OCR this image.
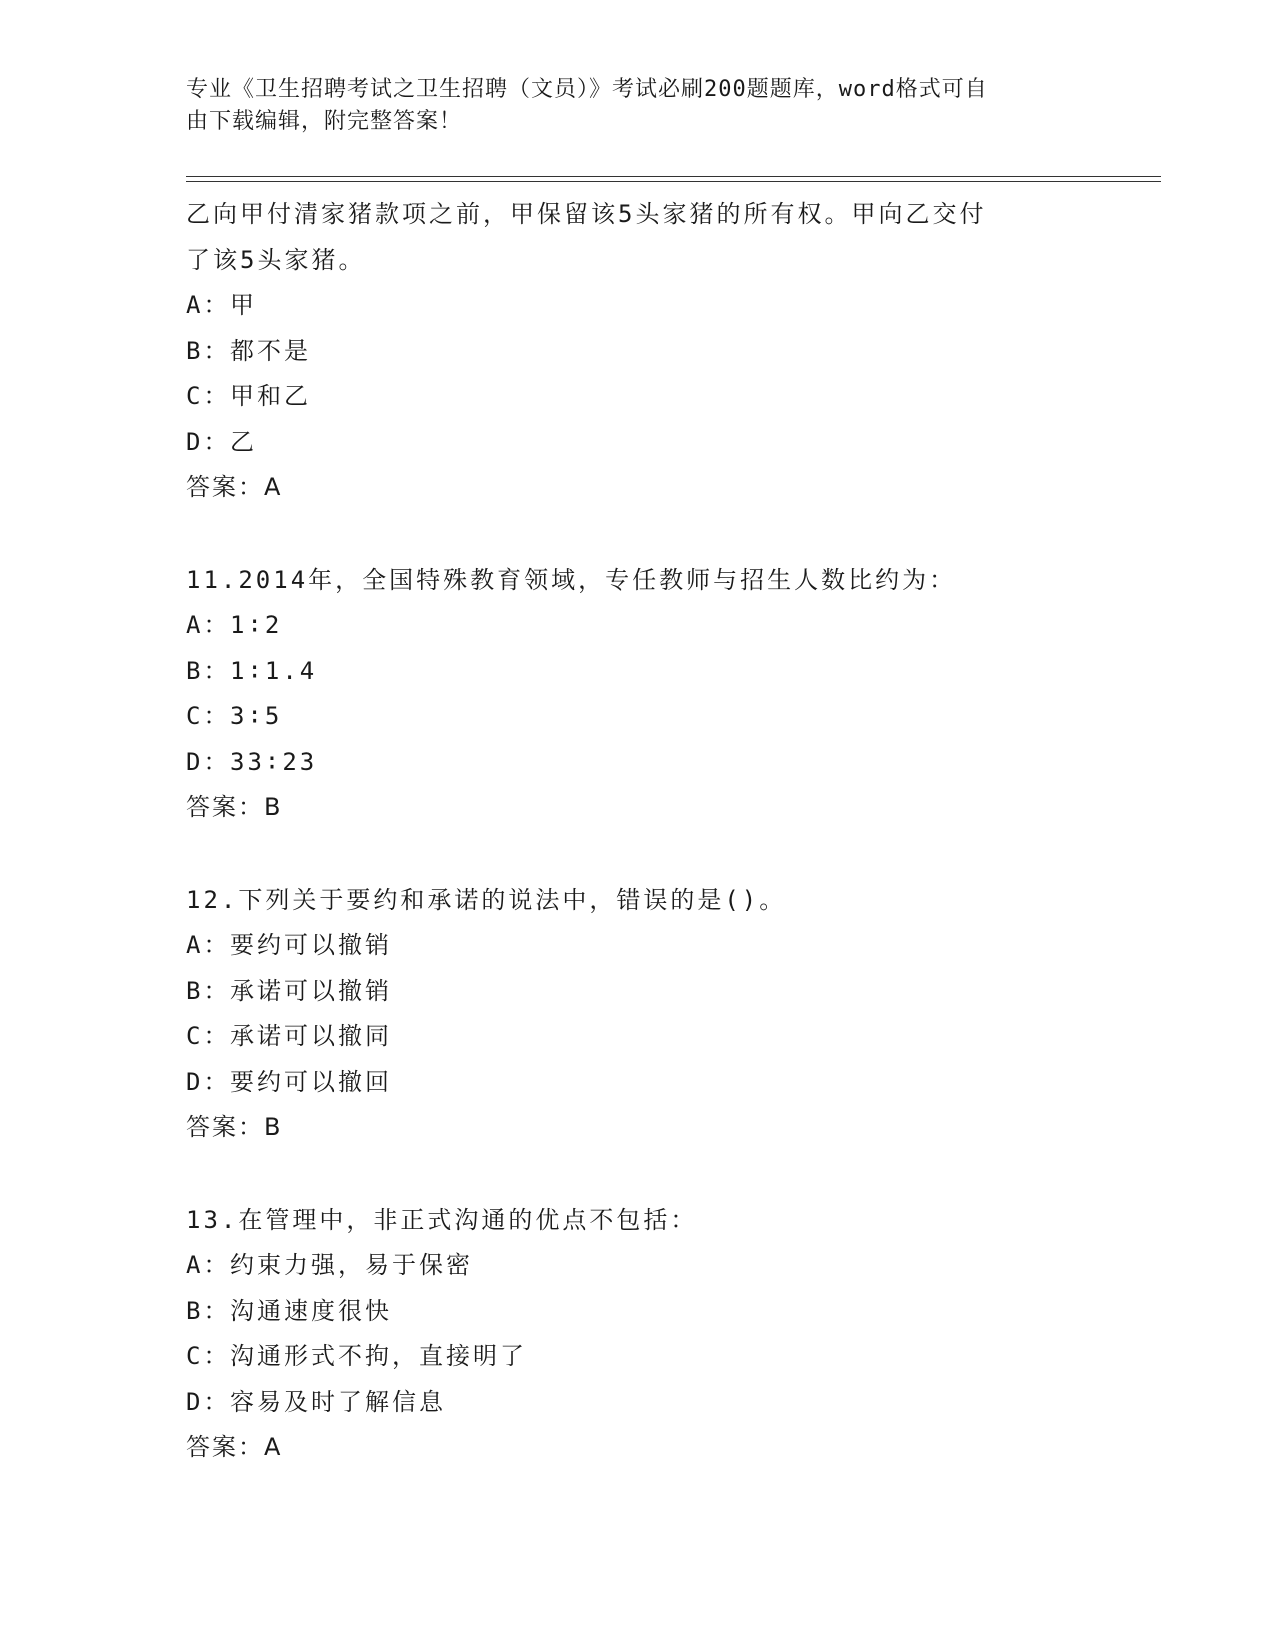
专业《卫生招聘考试之卫生招聘（文员）》考试必刷200题题库，word格式可自
由下载编辑，附完整答案！
乙向甲付清家猪款项之前，甲保留该5头家猪的所有权。甲向乙交付
了该5头家猪。
A：甲
B：都不是
C：甲和乙
D：乙
答案：A
11.2014年，全国特殊教育领域，专任教师与招生人数比约为：
A：1∶2
B：1∶1.4
C：3∶5
D：33∶23
答案：B
12.下列关于要约和承诺的说法中，错误的是()。
A：要约可以撤销
B：承诺可以撤销
C：承诺可以撤同
D：要约可以撤回
答案：B
13.在管理中，非正式沟通的优点不包括：
A：约束力强，易于保密
B：沟通速度很快
C：沟通形式不拘，直接明了
D：容易及时了解信息
答案：A
